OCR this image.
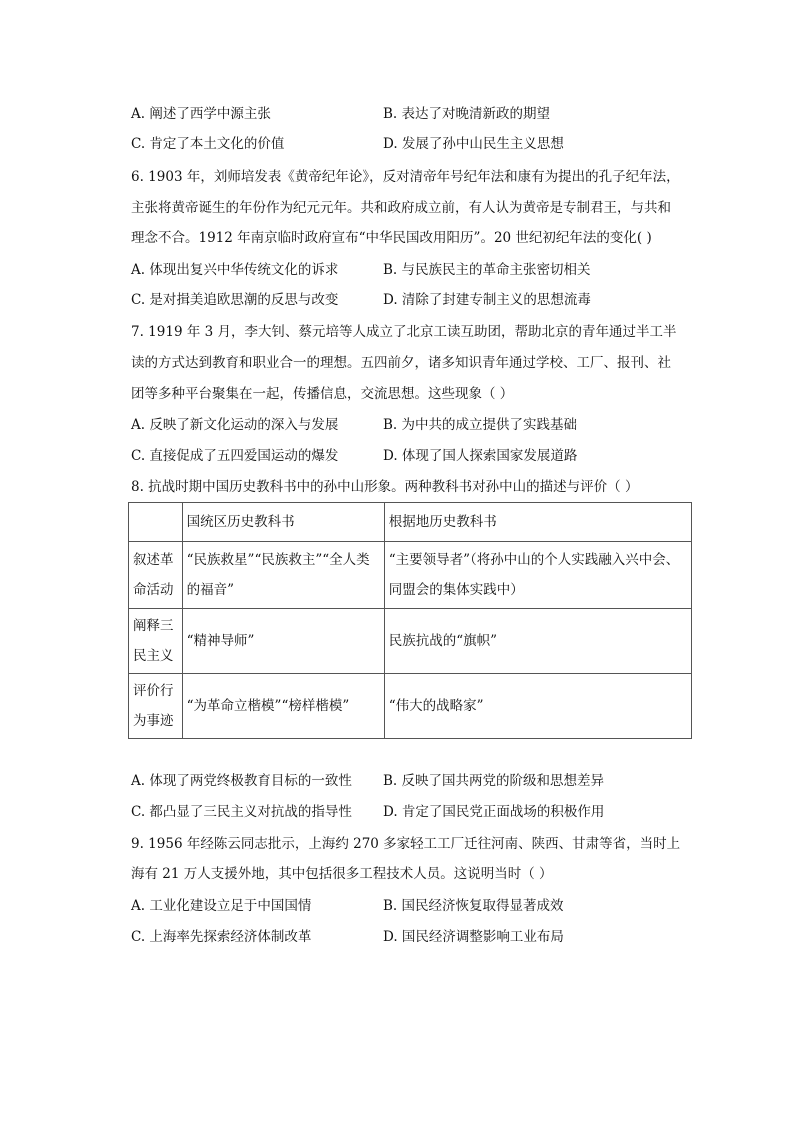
A. 阐述了西学中源主张	B. 表达了对晚清新政的期望
C. 肯定了本土文化的价值	D. 发展了孙中山民生主义思想
6. 1903 年，刘师培发表《黄帝纪年论》，反对清帝年号纪年法和康有为提出的孔子纪年法，
主张将黄帝诞生的年份作为纪元元年。共和政府成立前，有人认为黄帝是专制君王，与共和
理念不合。1912 年南京临时政府宣布“中华民国改用阳历”。20 世纪初纪年法的变化( )
A. 体现出复兴中华传统文化的诉求	B. 与民族民主的革命主张密切相关
C. 是对揖美追欧思潮的反思与改变	D. 清除了封建专制主义的思想流毒
7. 1919 年 3 月，李大钊、蔡元培等人成立了北京工读互助团，帮助北京的青年通过半工半
读的方式达到教育和职业合一的理想。五四前夕，诸多知识青年通过学校、工厂、报刊、社
团等多种平台聚集在一起，传播信息，交流思想。这些现象（ ）
A. 反映了新文化运动的深入与发展	B. 为中共的成立提供了实践基础
C. 直接促成了五四爱国运动的爆发	D. 体现了国人探索国家发展道路
8. 抗战时期中国历史教科书中的孙中山形象。两种教科书对孙中山的描述与评价（ ）
	国统区历史教科书	根据地历史教科书
叙述革命活动	“民族救星”“民族救主”“全人类的福音”	“主要领导者”（将孙中山的个人实践融入兴中会、同盟会的集体实践中）
阐释三民主义	“精神导师”	民族抗战的“旗帜”
评价行为事迹	“为革命立楷模”“榜样楷模”	“伟大的战略家”
A. 体现了两党终极教育目标的一致性 B. 反映了国共两党的阶级和思想差异
C. 都凸显了三民主义对抗战的指导性 D. 肯定了国民党正面战场的积极作用
9. 1956 年经陈云同志批示，上海约 270 多家轻工工厂迁往河南、陕西、甘肃等省，当时上
海有 21 万人支援外地，其中包括很多工程技术人员。这说明当时（ ）
A. 工业化建设立足于中国国情	B. 国民经济恢复取得显著成效
C. 上海率先探索经济体制改革	D. 国民经济调整影响工业布局
